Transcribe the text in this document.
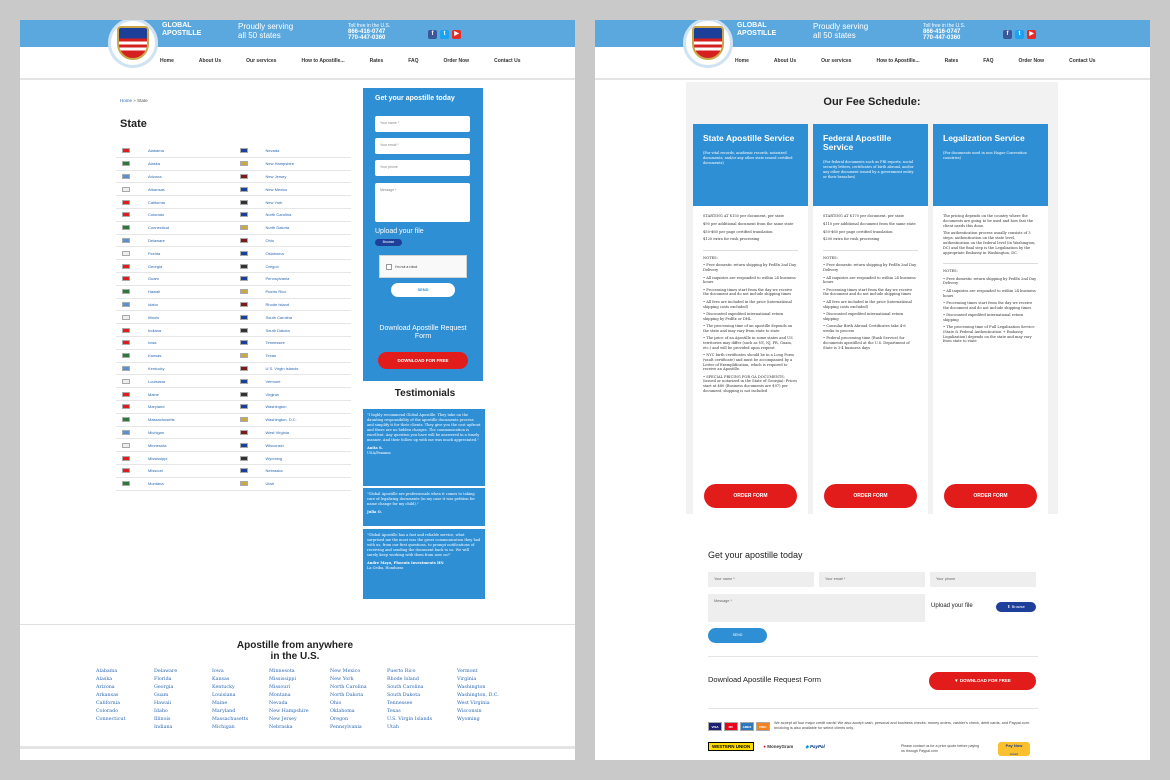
GLOBAL
APOSTILLE
Proudly serving
all 50 states
Toll free in the U.S.
866-416-0747
770-447-0360
f	t	▶
Home	About Us	Our services	How to Apostille...	Rates	FAQ	Order Now	Contact Us
Home » State
State
Alabama	Nevada
Alaska	New Hampshire
Arizona	New Jersey
Arkansas	New Mexico
California	New York
Colorado	North Carolina
Connecticut	North Dakota
Delaware	Ohio
Florida	Oklahoma
Georgia	Oregon
Guam	Pennsylvania
Hawaii	Puerto Rico
Idaho	Rhode Island
Illinois	South Carolina
Indiana	South Dakota
Iowa	Tennessee
Kansas	Texas
Kentucky	U.S. Virgin Islands
Louisiana	Vermont
Maine	Virginia
Maryland	Washington
Massachusetts	Washington, D.C.
Michigan	West Virginia
Minnesota	Wisconsin
Mississippi	Wyoming
Missouri	Nebraska
Montana	Utah
Get your apostille today
Your name *
Your email *
Your phone
Message *
Upload your file
Browse
I'm not a robot
SEND
Download Apostille Request Form
DOWNLOAD FOR FREE
Testimonials
"I highly recommend Global Apostille. They take on the daunting responsibility of the apostille documents process and simplify it for their clients. They give you the cost upfront and there are no hidden charges. The communication is excellent. Any question you have will be answered in a timely manner. And their follow up with me was much appreciated."
Anita S.
USA/Panama
"Global Apostille are professionals when it comes to taking care of legalizing documents (in my case it was petition for name change for my child)."
Julia O.
"Global Apostille has a fast and reliable service, what surprised me the most was the great communication they had with us, from our first questions, to prompt notifications of receiving and sending the document back to us. We will surely keep working with them from now on!"
Andre Mayo, Phoenix Investments HN
La Ceiba, Honduras
Apostille from anywhere
in the U.S.
Alabama
Alaska
Arizona
Arkansas
California
Colorado
Connecticut
Delaware
Florida
Georgia
Guam
Hawaii
Idaho
Illinois
Indiana
Iowa
Kansas
Kentucky
Louisiana
Maine
Maryland
Massachusetts
Michigan
Minnesota
Mississippi
Missouri
Montana
Nevada
New Hampshire
New Jersey
Nebraska
New Mexico
New York
North Carolina
North Dakota
Ohio
Oklahoma
Oregon
Pennsylvania
Puerto Rico
Rhode Island
South Carolina
South Dakota
Tennessee
Texas
U.S. Virgin Islands
Utah
Vermont
Virginia
Washington
Washington, D.C.
West Virginia
Wisconsin
Wyoming
GLOBAL
APOSTILLE
Proudly serving
all 50 states
Toll free in the U.S.
866-416-0747
770-447-0360
f	t	▶
Home	About Us	Our services	How to Apostille...	Rates	FAQ	Order Now	Contact Us
Our Fee Schedule:
State Apostille Service
(For vital records, academic records, notarized documents, and/or any other state issued certified documents)

STARTING AT $150 per document, per state

$90 per additional document from the same state

$50-$60 per page certified translation

$120 extra for rush processing

NOTES:
• Free domestic return shipping by FedEx 2nd Day Delivery
• All inquiries are responded to within 24 business hours
• Processing times start from the day we receive the document and do not include shipping times
• All fees are included in the price (international shipping costs excluded)
• Discounted expedited international return shipping by FedEx or DHL
• The processing time of an apostille depends on the state and may vary from state to state
• The price of an Apostille in some states and US territories may differ (such as NY, NJ, PR, Guam, etc.) and will be provided upon request
• NYC birth certificates should be in a Long Form (vault certificate) and must be accompanied by a Letter of Exemplification, which is required to receive an Apostille.
• SPECIAL PRICING FOR GA DOCUMENTS: (issued or notarized in the State of Georgia): Prices start at $80 (Business documents are $97) per document, shipping is not included
ORDER FORM
Federal Apostille Service
(For federal documents such as FBI reports, social security letters, certificates of birth abroad, and/or any other document issued by a government entity or their branches)

STARTING AT $170 per document, per state

$110 per additional document from the same state

$50-$60 per page certified translation

$200 extra for rush processing

NOTES:
• Free domestic return shipping by FedEx 2nd Day Delivery
• All inquiries are responded to within 24 business hours
• Processing times start from the day we receive the document and do not include shipping times
• All fees are included in the price (international shipping costs excluded)
• Discounted expedited international return shipping
• Consular Birth Abroad Certificates take 4-6 weeks to process
• Federal processing time (Rush Service) for documents apostilled at the U.S. Department of State is 3-4 business days
ORDER FORM
Legalization Service
(For documents used in non Hague Convention countries)

The pricing depends on the country where the documents are going to be used and how fast the client needs this done.

The authentication process usually consists of 3 steps: authentication on the state level, authentication on the federal level (in Washington, DC) and the final step is the Legalization by the appropriate Embassy in Washington, DC.

NOTES:
• Free domestic return shipping by FedEx 2nd Day Delivery
• All inquiries are responded to within 24 business hours
• Processing times start from the day we receive the document and do not include shipping times
• Discounted expedited international return shipping
• The processing time of Full Legalization Service (State & Federal Authentication + Embassy Legalization) depends on the state and may vary from state to state
ORDER FORM
Get your apostille today
Your name *	Your email *	Your phone
Message *
Upload your file	⬆ Browse
SEND
Download Apostille Request Form	▼ DOWNLOAD FOR FREE
VISA	MC	AMEX	DISC
We accept all four major credit cards! We also accept cash, personal and business checks, money orders, cashier's check, debit cards, and Paypal.com. Invoicing is also available for select clients only.
WESTERN UNION	● MoneyGram	◆ PayPal	Please contact us for a price quote before paying us through Paypal.com
Pay Now
▭▭▭
